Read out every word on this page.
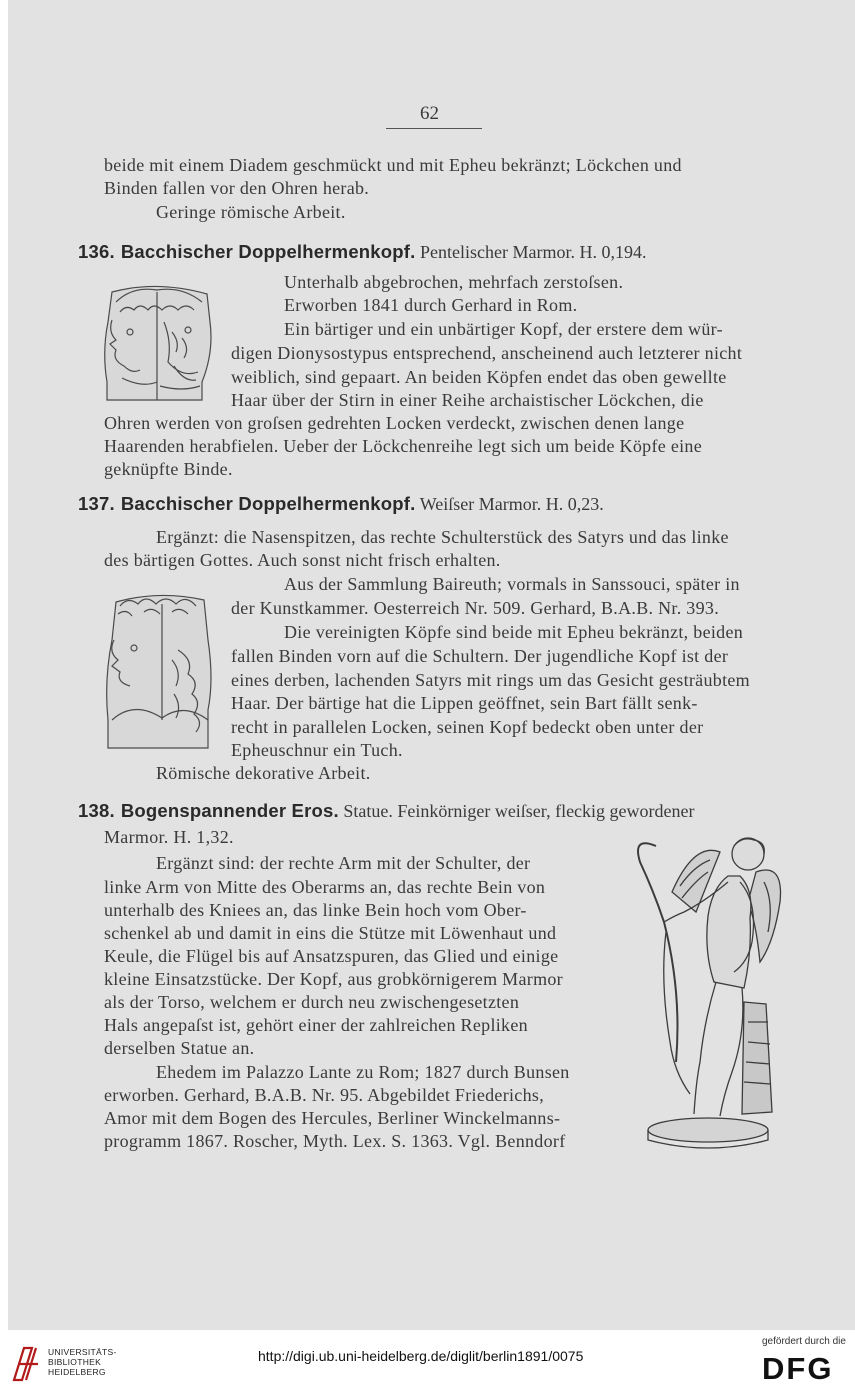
62
beide mit einem Diadem geschmückt und mit Epheu bekränzt; Löckchen und
Binden fallen vor den Ohren herab.
Geringe römische Arbeit.
136. Bacchischer Doppelhermenkopf. Pentelischer Marmor. H. 0,194.
Unterhalb abgebrochen, mehrfach zerstoſsen.
Erworben 1841 durch Gerhard in Rom.
Ein bärtiger und ein unbärtiger Kopf, der erstere dem wür-
digen Dionysostypus entsprechend, anscheinend auch letzterer nicht
weiblich, sind gepaart. An beiden Köpfen endet das oben gewellte
Haar über der Stirn in einer Reihe archaistischer Löckchen, die
Ohren werden von groſsen gedrehten Locken verdeckt, zwischen denen lange
Haarenden herabfielen. Ueber der Löckchenreihe legt sich um beide Köpfe eine
geknüpfte Binde.
137. Bacchischer Doppelhermenkopf. Weiſser Marmor. H. 0,23.
Ergänzt: die Nasenspitzen, das rechte Schulterstück des Satyrs und das linke
des bärtigen Gottes. Auch sonst nicht frisch erhalten.
Aus der Sammlung Baireuth; vormals in Sanssouci, später in
der Kunstkammer. Oesterreich Nr. 509. Gerhard, B.A.B. Nr. 393.
Die vereinigten Köpfe sind beide mit Epheu bekränzt, beiden
fallen Binden vorn auf die Schultern. Der jugendliche Kopf ist der
eines derben, lachenden Satyrs mit rings um das Gesicht gesträubtem
Haar. Der bärtige hat die Lippen geöffnet, sein Bart fällt senk-
recht in parallelen Locken, seinen Kopf bedeckt oben unter der
Epheuschnur ein Tuch.
Römische dekorative Arbeit.
138. Bogenspannender Eros. Statue. Feinkörniger weiſser, fleckig gewordener
Marmor. H. 1,32.
Ergänzt sind: der rechte Arm mit der Schulter, der
linke Arm von Mitte des Oberarms an, das rechte Bein von
unterhalb des Kniees an, das linke Bein hoch vom Ober-
schenkel ab und damit in eins die Stütze mit Löwenhaut und
Keule, die Flügel bis auf Ansatzspuren, das Glied und einige
kleine Einsatzstücke. Der Kopf, aus grobkörnigerem Marmor
als der Torso, welchem er durch neu zwischengesetzten
Hals angepaſst ist, gehört einer der zahlreichen Repliken
derselben Statue an.
Ehedem im Palazzo Lante zu Rom; 1827 durch Bunsen
erworben. Gerhard, B.A.B. Nr. 95. Abgebildet Friederichs,
Amor mit dem Bogen des Hercules, Berliner Winckelmanns-
programm 1867. Roscher, Myth. Lex. S. 1363. Vgl. Benndorf
UNIVERSITÄTS-
BIBLIOTHEK
HEIDELBERG
http://digi.ub.uni-heidelberg.de/diglit/berlin1891/0075
gefördert durch die
DFG
